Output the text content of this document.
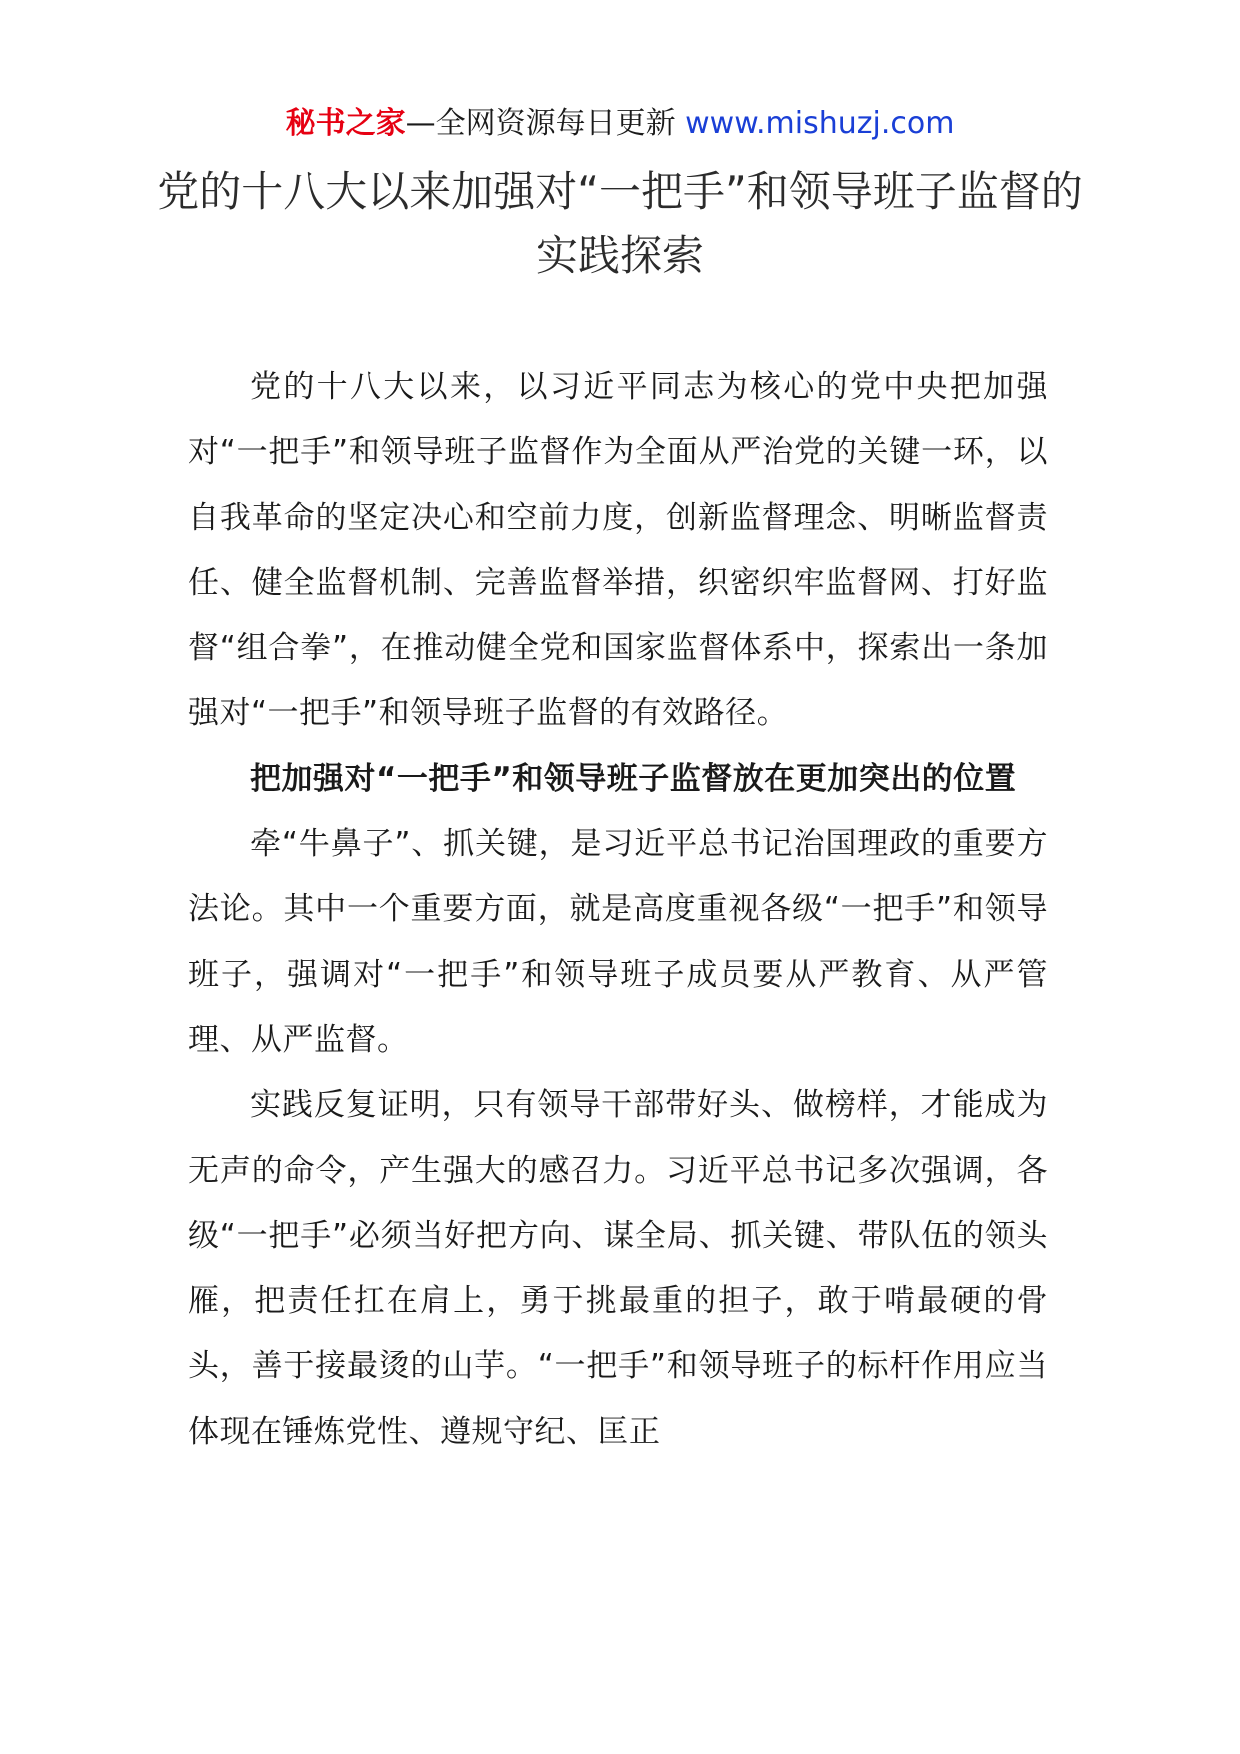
秘书之家—全网资源每日更新 www.mishuzj.com
党的十八大以来加强对“一把手”和领导班子监督的实践探索

党的十八大以来，以习近平同志为核心的党中央把加强对“一把手”和领导班子监督作为全面从严治党的关键一环，以自我革命的坚定决心和空前力度，创新监督理念、明晰监督责任、健全监督机制、完善监督举措，织密织牢监督网、打好监督“组合拳”，在推动健全党和国家监督体系中，探索出一条加强对“一把手”和领导班子监督的有效路径。

把加强对“一把手”和领导班子监督放在更加突出的位置

牵“牛鼻子”、抓关键，是习近平总书记治国理政的重要方法论。其中一个重要方面，就是高度重视各级“一把手”和领导班子，强调对“一把手”和领导班子成员要从严教育、从严管理、从严监督。

实践反复证明，只有领导干部带好头、做榜样，才能成为无声的命令，产生强大的感召力。习近平总书记多次强调，各级“一把手”必须当好把方向、谋全局、抓关键、带队伍的领头雁，把责任扛在肩上，勇于挑最重的担子，敢于啃最硬的骨头，善于接最烫的山芋。“一把手”和领导班子的标杆作用应当体现在锤炼党性、遵规守纪、匡正
